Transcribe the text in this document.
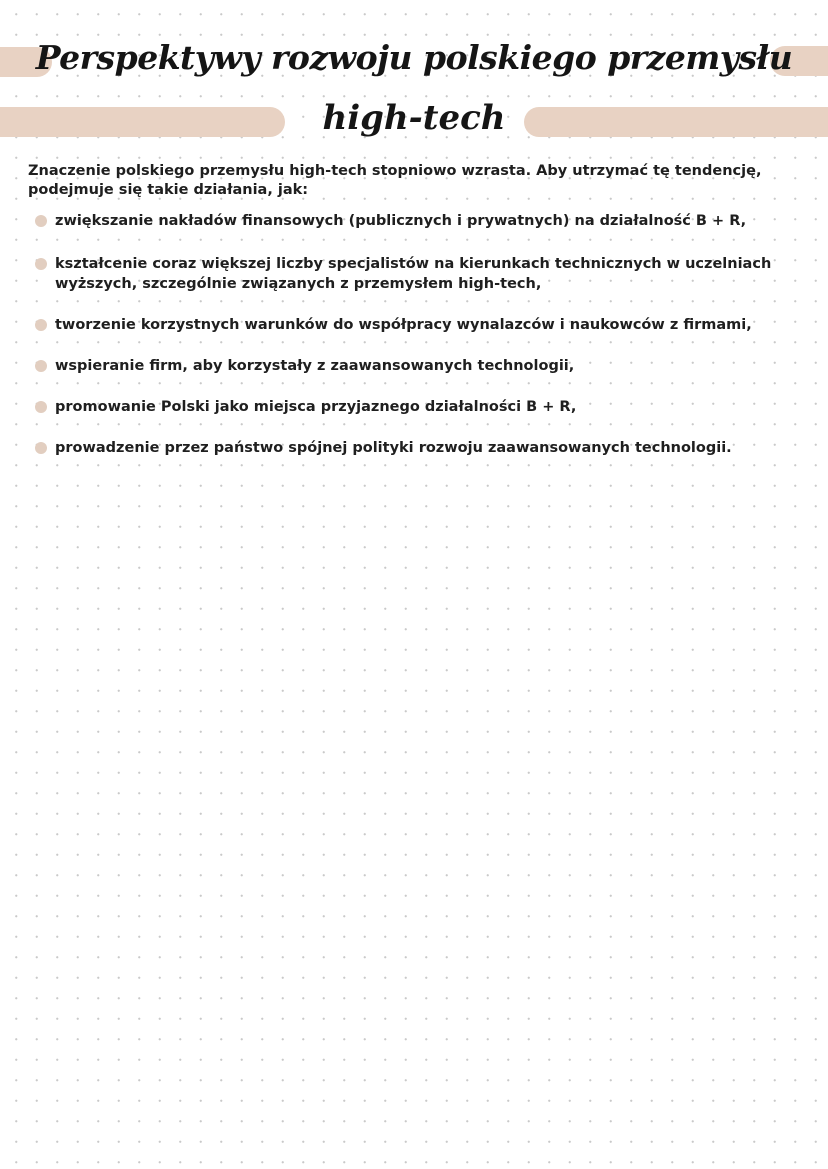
Perspektywy rozwoju polskiego przemysłu
high-tech
Znaczenie polskiego przemysłu high-tech stopniowo wzrasta. Aby utrzymać tę tendencję, podejmuje się takie działania, jak:
zwiększanie nakładów finansowych (publicznych i prywatnych) na działalność B + R,
kształcenie coraz większej liczby specjalistów na kierunkach technicznych w uczelniach wyższych, szczególnie związanych z przemysłem high-tech,
tworzenie korzystnych warunków do współpracy wynalazców i naukowców z firmami,
wspieranie firm, aby korzystały z zaawansowanych technologii,
promowanie Polski jako miejsca przyjaznego działalności B + R,
prowadzenie przez państwo spójnej polityki rozwoju zaawansowanych technologii.
